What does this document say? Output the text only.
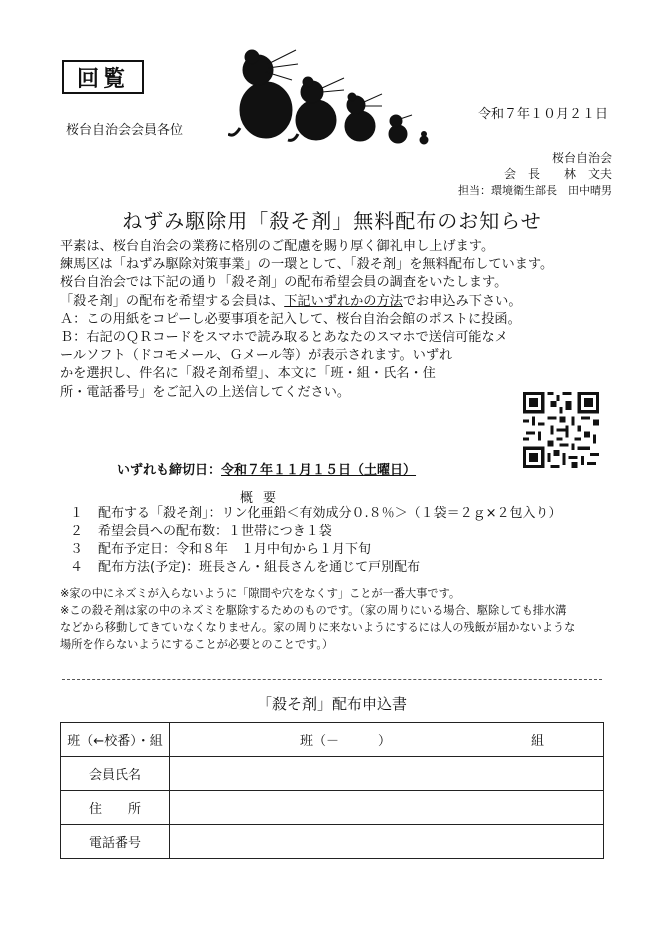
回覧
桜台自治会会員各位
令和７年１０月２１日
桜台自治会
会　長　　林　文夫
担当：環境衛生部長　田中晴男
ねずみ駆除用「殺そ剤」無料配布のお知らせ

平素は、桜台自治会の業務に格別のご配慮を賜り厚く御礼申し上げます。

練馬区は「ねずみ駆除対策事業」の一環として、「殺そ剤」を無料配布しています。

桜台自治会では下記の通り「殺そ剤」の配布希望会員の調査をいたします。

「殺そ剤」の配布を希望する会員は、下記いずれかの方法でお申込み下さい。

Ａ：この用紙をコピーし必要事項を記入して、桜台自治会館のポストに投函。

Ｂ：右記のＱＲコードをスマホで読み取るとあなたのスマホで送信可能なメ

ールソフト（ドコモメール、Ｇメール等）が表示されます。いずれ

かを選択し、件名に「殺そ剤希望」、本文に「班・組・氏名・住

所・電話番号」をご記入の上送信してください。

いずれも締切日：令和７年１１月１５日（土曜日）
概要
１ 配布する「殺そ剤」：リン化亜鉛＜有効成分０.８％＞（１袋＝２ｇ×２包入り）
２ 希望会員への配布数：１世帯につき１袋
３ 配布予定日：令和８年　１月中旬から１月下旬
４ 配布方法(予定)：班長さん・組長さんを通じて戸別配布

※家の中にネズミが入らないように「隙間や穴をなくす」ことが一番大事です。

※この殺そ剤は家の中のネズミを駆除するためのものです。（家の周りにいる場合、駆除しても排水溝

などから移動してきていなくなりません。家の周りに来ないようにするには人の残飯が届かないような

場所を作らないようにすることが必要とのことです。）

「殺そ剤」配布申込書
班（←校番）・組	班（－　　　） 組

会員氏名	
住　　所	
電話番号	
